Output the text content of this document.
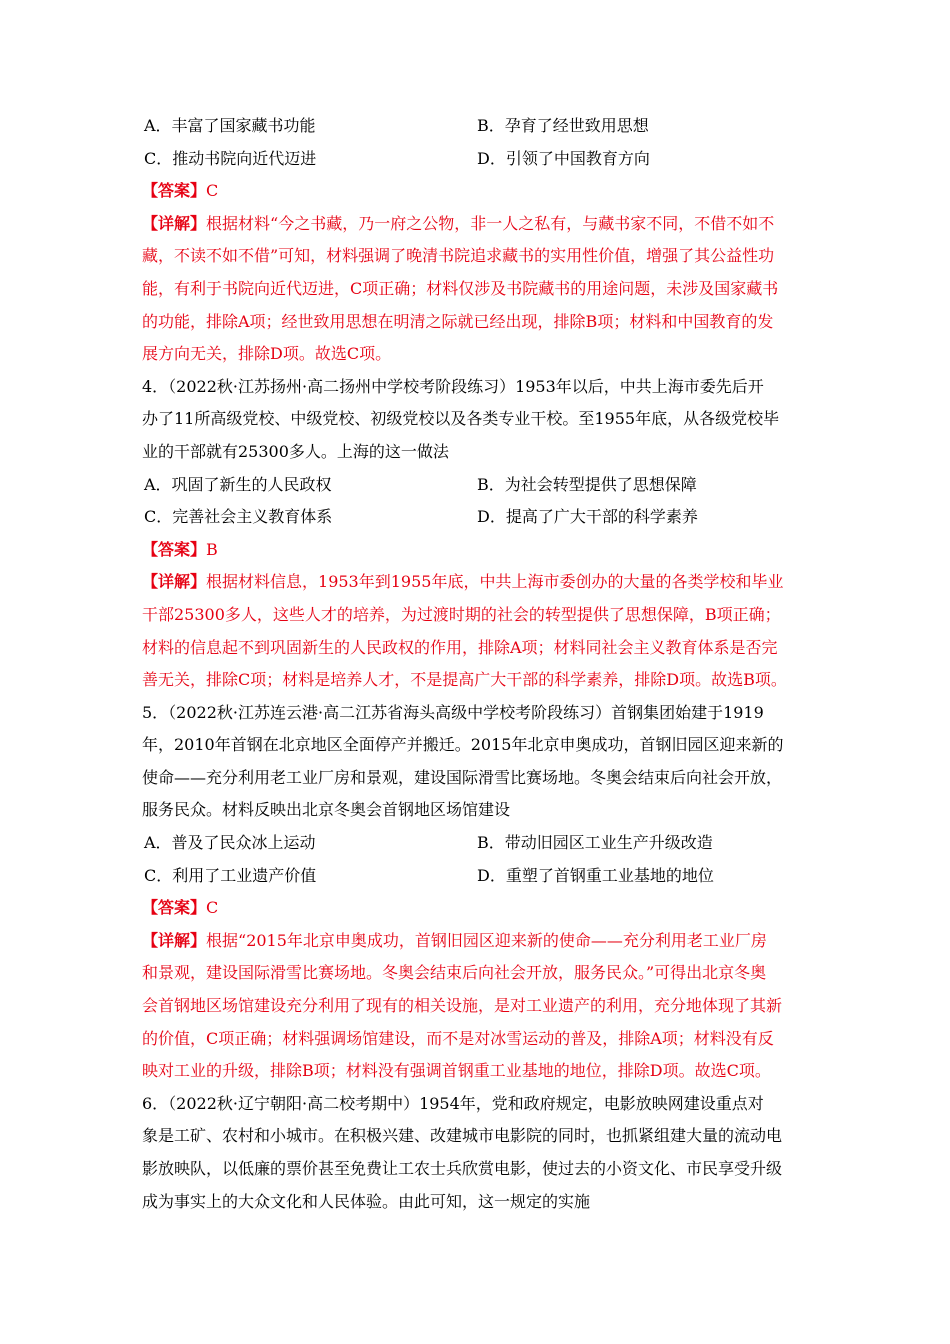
A．丰富了国家藏书功能	B．孕育了经世致用思想
C．推动书院向近代迈进	D．引领了中国教育方向
【答案】C
【详解】根据材料“今之书藏，乃一府之公物，非一人之私有，与藏书家不同，不借不如不
藏，不读不如不借”可知，材料强调了晚清书院追求藏书的实用性价值，增强了其公益性功
能，有利于书院向近代迈进，C项正确；材料仅涉及书院藏书的用途问题，未涉及国家藏书
的功能，排除A项；经世致用思想在明清之际就已经出现，排除B项；材料和中国教育的发
展方向无关，排除D项。故选C项。
4．（2022秋·江苏扬州·高二扬州中学校考阶段练习）1953年以后，中共上海市委先后开
办了11所高级党校、中级党校、初级党校以及各类专业干校。至1955年底，从各级党校毕
业的干部就有25300多人。上海的这一做法
A．巩固了新生的人民政权	B．为社会转型提供了思想保障
C．完善社会主义教育体系	D．提高了广大干部的科学素养
【答案】B
【详解】根据材料信息，1953年到1955年底，中共上海市委创办的大量的各类学校和毕业
干部25300多人，这些人才的培养，为过渡时期的社会的转型提供了思想保障，B项正确；
材料的信息起不到巩固新生的人民政权的作用，排除A项；材料同社会主义教育体系是否完
善无关，排除C项；材料是培养人才，不是提高广大干部的科学素养，排除D项。故选B项。
5．（2022秋·江苏连云港·高二江苏省海头高级中学校考阶段练习）首钢集团始建于1919
年，2010年首钢在北京地区全面停产并搬迁。2015年北京申奥成功，首钢旧园区迎来新的
使命——充分利用老工业厂房和景观，建设国际滑雪比赛场地。冬奥会结束后向社会开放，
服务民众。材料反映出北京冬奥会首钢地区场馆建设
A．普及了民众冰上运动	B．带动旧园区工业生产升级改造
C．利用了工业遗产价值	D．重塑了首钢重工业基地的地位
【答案】C
【详解】根据“2015年北京申奥成功，首钢旧园区迎来新的使命——充分利用老工业厂房
和景观，建设国际滑雪比赛场地。冬奥会结束后向社会开放，服务民众。”可得出北京冬奥
会首钢地区场馆建设充分利用了现有的相关设施，是对工业遗产的利用，充分地体现了其新
的价值，C项正确；材料强调场馆建设，而不是对冰雪运动的普及，排除A项；材料没有反
映对工业的升级，排除B项；材料没有强调首钢重工业基地的地位，排除D项。故选C项。
6．（2022秋·辽宁朝阳·高二校考期中）1954年，党和政府规定，电影放映网建设重点对
象是工矿、农村和小城市。在积极兴建、改建城市电影院的同时，也抓紧组建大量的流动电
影放映队，以低廉的票价甚至免费让工农士兵欣赏电影，使过去的小资文化、市民享受升级
成为事实上的大众文化和人民体验。由此可知，这一规定的实施
